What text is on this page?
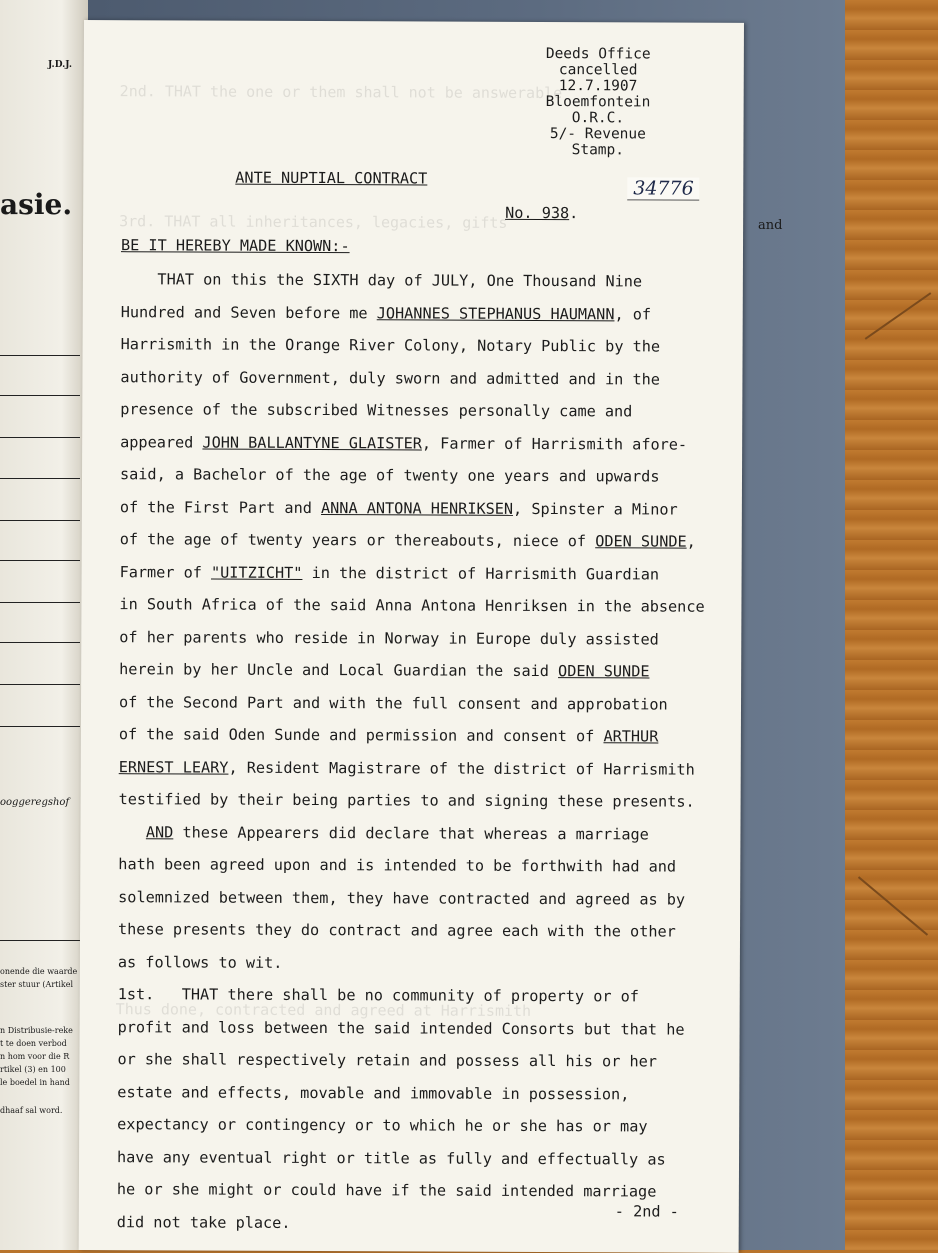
J.D.J.
asie.
ooggeregshof
onende die waarde
ster stuur (Artikel
n Distribusie-reke
t te doen verbod
n hom voor die R
rtikel (3) en 100
le boedel in hand
dhaaf sal word.
and
2nd. THAT the one or them shall not be answerable
3rd. THAT all inheritances, legacies, gifts
Thus done, contracted and agreed at Harrismith
Deeds Office
cancelled
12.7.1907
Bloemfontein
O.R.C.
5/- Revenue
Stamp.
34776
ANTE NUPTIAL CONTRACT
No. 938.
BE IT HEREBY MADE KNOWN:-
THAT on this the SIXTH day of JULY, One Thousand Nine
Hundred and Seven before me JOHANNES STEPHANUS HAUMANN, of
Harrismith in the Orange River Colony, Notary Public by the
authority of Government, duly sworn and admitted and in the
presence of the subscribed Witnesses personally came and
appeared JOHN BALLANTYNE GLAISTER, Farmer of Harrismith afore-
said, a Bachelor of the age of twenty one years and upwards
of the First Part and ANNA ANTONA HENRIKSEN, Spinster a Minor
of the age of twenty years or thereabouts, niece of ODEN SUNDE,
Farmer of "UITZICHT" in the district of Harrismith Guardian
in South Africa of the said Anna Antona Henriksen in the absence
of her parents who reside in Norway in Europe duly assisted
herein by her Uncle and Local Guardian the said ODEN SUNDE
of the Second Part and with the full consent and approbation
of the said Oden Sunde and permission and consent of ARTHUR
ERNEST LEARY, Resident Magistrare of the district of Harrismith
testified by their being parties to and signing these presents.
AND these Appearers did declare that whereas a marriage
hath been agreed upon and is intended to be forthwith had and
solemnized between them, they have contracted and agreed as by
these presents they do contract and agree each with the other
as follows to wit.
1st.   THAT there shall be no community of property or of
profit and loss between the said intended Consorts but that he
or she shall respectively retain and possess all his or her
estate and effects, movable and immovable in possession,
expectancy or contingency or to which he or she has or may
have any eventual right or title as fully and effectually as
he or she might or could have if the said intended marriage
did not take place.
- 2nd -
